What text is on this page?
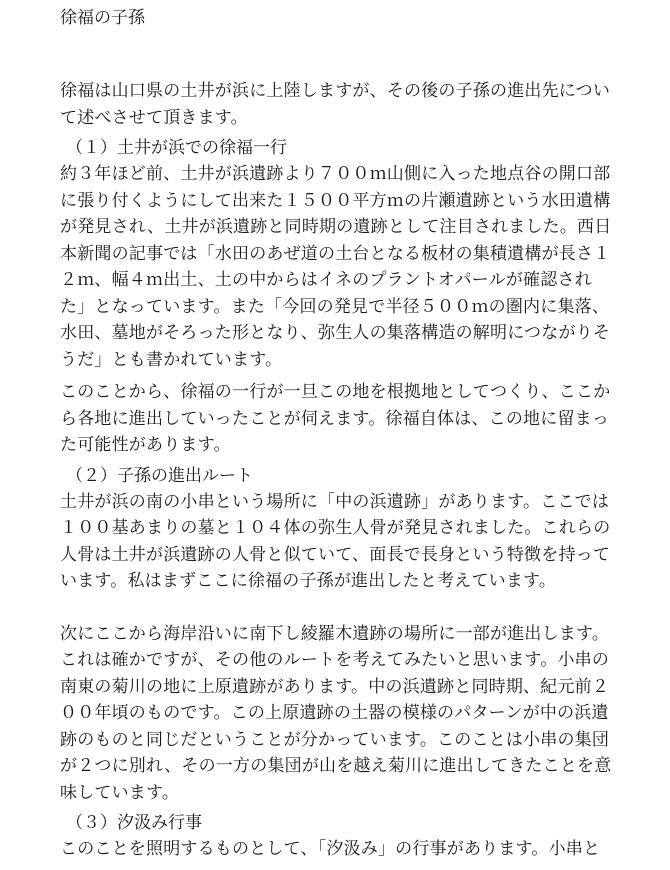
徐福の子孫

徐福は山口県の土井が浜に上陸しますが、その後の子孫の進出先につい
て述べさせて頂きます。

（１）土井が浜での徐福一行

約３年ほど前、土井が浜遺跡より７００ｍ山側に入った地点谷の開口部
に張り付くようにして出来た１５００平方ｍの片瀬遺跡という水田遺構
が発見され、土井が浜遺跡と同時期の遺跡として注目されました。西日
本新聞の記事では「水田のあぜ道の土台となる板材の集積遺構が長さ１
２ｍ、幅４ｍ出土、土の中からはイネのプラントオパールが確認され
た」となっています。また「今回の発見で半径５００ｍの圏内に集落、
水田、墓地がそろった形となり、弥生人の集落構造の解明につながりそ
うだ」とも書かれています。

このことから、徐福の一行が一旦この地を根拠地としてつくり、ここか
ら各地に進出していったことが伺えます。徐福自体は、この地に留まっ
た可能性があります。

（２）子孫の進出ルート

土井が浜の南の小串という場所に「中の浜遺跡」があります。ここでは
１００基あまりの墓と１０４体の弥生人骨が発見されました。これらの
人骨は土井が浜遺跡の人骨と似ていて、面長で長身という特徴を持って
います。私はまずここに徐福の子孫が進出したと考えています。

次にここから海岸沿いに南下し綾羅木遺跡の場所に一部が進出します。
これは確かですが、その他のルートを考えてみたいと思います。小串の
南東の菊川の地に上原遺跡があります。中の浜遺跡と同時期、紀元前２
００年頃のものです。この上原遺跡の土器の模様のパターンが中の浜遺
跡のものと同じだということが分かっています。このことは小串の集団
が２つに別れ、その一方の集団が山を越え菊川に進出してきたことを意
味しています。

（３）汐汲み行事

このことを照明するものとして、「汐汲み」の行事があります。小串と
